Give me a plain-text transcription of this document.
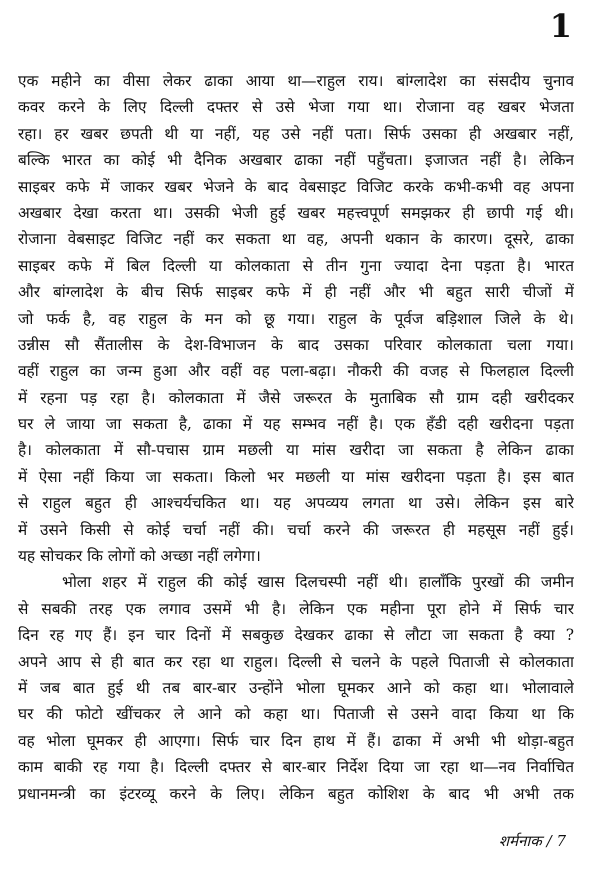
1
एक महीने का वीसा लेकर ढाका आया था—राहुल राय। बांग्लादेश का संसदीय चुनाव
कवर करने के लिए दिल्ली दफ्तर से उसे भेजा गया था। रोजाना वह खबर भेजता
रहा। हर खबर छपती थी या नहीं, यह उसे नहीं पता। सिर्फ उसका ही अखबार नहीं,
बल्कि भारत का कोई भी दैनिक अखबार ढाका नहीं पहुँचता। इजाजत नहीं है। लेकिन
साइबर कफे में जाकर खबर भेजने के बाद वेबसाइट विजिट करके कभी-कभी वह अपना
अखबार देखा करता था। उसकी भेजी हुई खबर महत्त्वपूर्ण समझकर ही छापी गई थी।
रोजाना वेबसाइट विजिट नहीं कर सकता था वह, अपनी थकान के कारण। दूसरे, ढाका
साइबर कफे में बिल दिल्ली या कोलकाता से तीन गुना ज्यादा देना पड़ता है। भारत
और बांग्लादेश के बीच सिर्फ साइबर कफे में ही नहीं और भी बहुत सारी चीजों में
जो फर्क है, वह राहुल के मन को छू गया। राहुल के पूर्वज बड़िशाल जिले के थे।
उन्नीस सौ सैंतालीस के देश-विभाजन के बाद उसका परिवार कोलकाता चला गया।
वहीं राहुल का जन्म हुआ और वहीं वह पला-बढ़ा। नौकरी की वजह से फिलहाल दिल्ली
में रहना पड़ रहा है। कोलकाता में जैसे जरूरत के मुताबिक सौ ग्राम दही खरीदकर
घर ले जाया जा सकता है, ढाका में यह सम्भव नहीं है। एक हँडी दही खरीदना पड़ता
है। कोलकाता में सौ-पचास ग्राम मछली या मांस खरीदा जा सकता है लेकिन ढाका
में ऐसा नहीं किया जा सकता। किलो भर मछली या मांस खरीदना पड़ता है। इस बात
से राहुल बहुत ही आश्चर्यचकित था। यह अपव्यय लगता था उसे। लेकिन इस बारे
में उसने किसी से कोई चर्चा नहीं की। चर्चा करने की जरूरत ही महसूस नहीं हुई।
यह सोचकर कि लोगों को अच्छा नहीं लगेगा।
भोला शहर में राहुल की कोई खास दिलचस्पी नहीं थी। हालाँकि पुरखों की जमीन
से सबकी तरह एक लगाव उसमें भी है। लेकिन एक महीना पूरा होने में सिर्फ चार
दिन रह गए हैं। इन चार दिनों में सबकुछ देखकर ढाका से लौटा जा सकता है क्या ?
अपने आप से ही बात कर रहा था राहुल। दिल्ली से चलने के पहले पिताजी से कोलकाता
में जब बात हुई थी तब बार-बार उन्होंने भोला घूमकर आने को कहा था। भोलावाले
घर की फोटो खींचकर ले आने को कहा था। पिताजी से उसने वादा किया था कि
वह भोला घूमकर ही आएगा। सिर्फ चार दिन हाथ में हैं। ढाका में अभी भी थोड़ा-बहुत
काम बाकी रह गया है। दिल्ली दफ्तर से बार-बार निर्देश दिया जा रहा था—नव निर्वाचित
प्रधानमन्त्री का इंटरव्यू करने के लिए। लेकिन बहुत कोशिश के बाद भी अभी तक
शर्मनाक / 7
